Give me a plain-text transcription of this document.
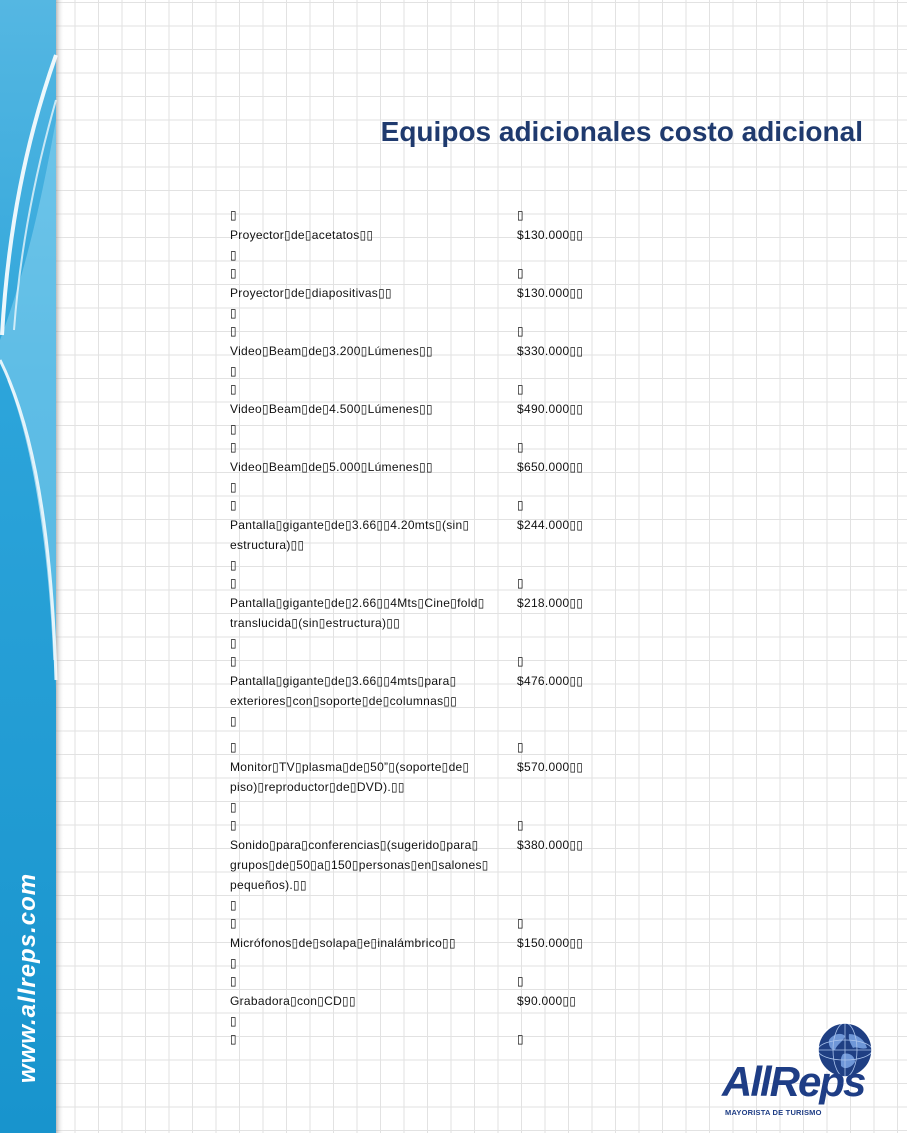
www.allreps.com
Equipos adicionales costo adicional
▯
Proyector▯de▯acetatos▯▯
▯
▯
$130.000▯▯
▯
Proyector▯de▯diapositivas▯▯
▯
▯
$130.000▯▯
▯
Video▯Beam▯de▯3.200▯Lúmenes▯▯
▯
▯
$330.000▯▯
▯
Video▯Beam▯de▯4.500▯Lúmenes▯▯
▯
▯
$490.000▯▯
▯
Video▯Beam▯de▯5.000▯Lúmenes▯▯
▯
▯
$650.000▯▯
▯
Pantalla▯gigante▯de▯3.66▯▯4.20mts▯(sin▯
estructura)▯▯
▯
▯
$244.000▯▯
▯
Pantalla▯gigante▯de▯2.66▯▯4Mts▯Cine▯fold▯
translucida▯(sin▯estructura)▯▯
▯
▯
$218.000▯▯
▯
Pantalla▯gigante▯de▯3.66▯▯4mts▯para▯
exteriores▯con▯soporte▯de▯columnas▯▯
▯
▯
$476.000▯▯
▯
Monitor▯TV▯plasma▯de▯50”▯(soporte▯de▯
piso)▯reproductor▯de▯DVD).▯▯
▯
▯
$570.000▯▯
▯
Sonido▯para▯conferencias▯(sugerido▯para▯
grupos▯de▯50▯a▯150▯personas▯en▯salones▯
pequeños).▯▯
▯
▯
$380.000▯▯
▯
Micrófonos▯de▯solapa▯e▯inalámbrico▯▯
▯
▯
$150.000▯▯
▯
Grabadora▯con▯CD▯▯
▯
▯
$90.000▯▯
▯	▯
AllReps
MAYORISTA DE TURISMO
